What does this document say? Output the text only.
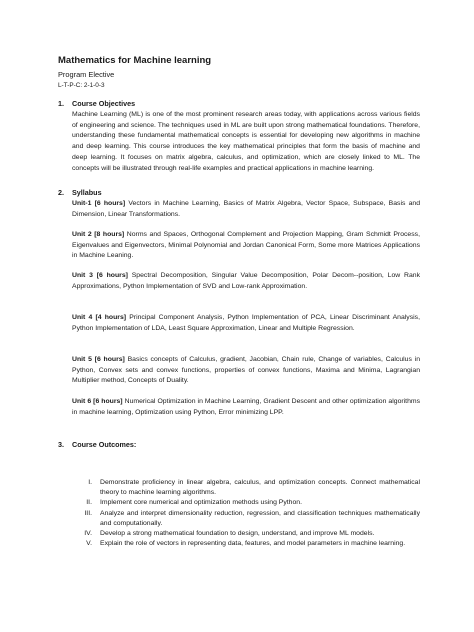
Mathematics for Machine learning
Program Elective
L-T-P-C: 2-1-0-3
1. Course Objectives
Machine Learning (ML) is one of the most prominent research areas today, with applications across various fields of engineering and science. The techniques used in ML are built upon strong mathematical foundations. Therefore, understanding these fundamental mathematical concepts is essential for developing new algorithms in machine and deep learning. This course introduces the key mathematical principles that form the basis of machine and deep learning. It focuses on matrix algebra, calculus, and optimization, which are closely linked to ML. The concepts will be illustrated through real-life examples and practical applications in machine learning.
2. Syllabus

Unit-1 [6 hours] Vectors in Machine Learning, Basics of Matrix Algebra, Vector Space, Subspace, Basis and Dimension, Linear Transformations.

Unit 2 [8 hours] Norms and Spaces, Orthogonal Complement and Projection Mapping, Gram Schmidt Process, Eigenvalues and Eigenvectors, Minimal Polynomial and Jordan Canonical Form, Some more Matrices Applications in Machine Leaning.

Unit 3 [6 hours] Spectral Decomposition, Singular Value Decomposition, Polar Decom--position, Low Rank Approximations, Python Implementation of SVD and Low-rank Approximation.

Unit 4 [4 hours] Principal Component Analysis, Python Implementation of PCA, Linear Discriminant Analysis, Python Implementation of LDA, Least Square Approximation, Linear and Multiple Regression.

Unit 5 [6 hours] Basics concepts of Calculus, gradient, Jacobian, Chain rule, Change of variables, Calculus in Python, Convex sets and convex functions, properties of convex functions, Maxima and Minima, Lagrangian Multiplier method, Concepts of Duality.

Unit 6 [6 hours] Numerical Optimization in Machine Learning, Gradient Descent and other optimization algorithms in machine learning, Optimization using Python, Error minimizing LPP.

3. Course Outcomes:
I.	Demonstrate proficiency in linear algebra, calculus, and optimization concepts. Connect mathematical theory to machine learning algorithms.
II.	Implement core numerical and optimization methods using Python.
III.	Analyze and interpret dimensionality reduction, regression, and classification techniques mathematically and computationally.
IV.	Develop a strong mathematical foundation to design, understand, and improve ML models.
V.	Explain the role of vectors in representing data, features, and model parameters in machine learning.
